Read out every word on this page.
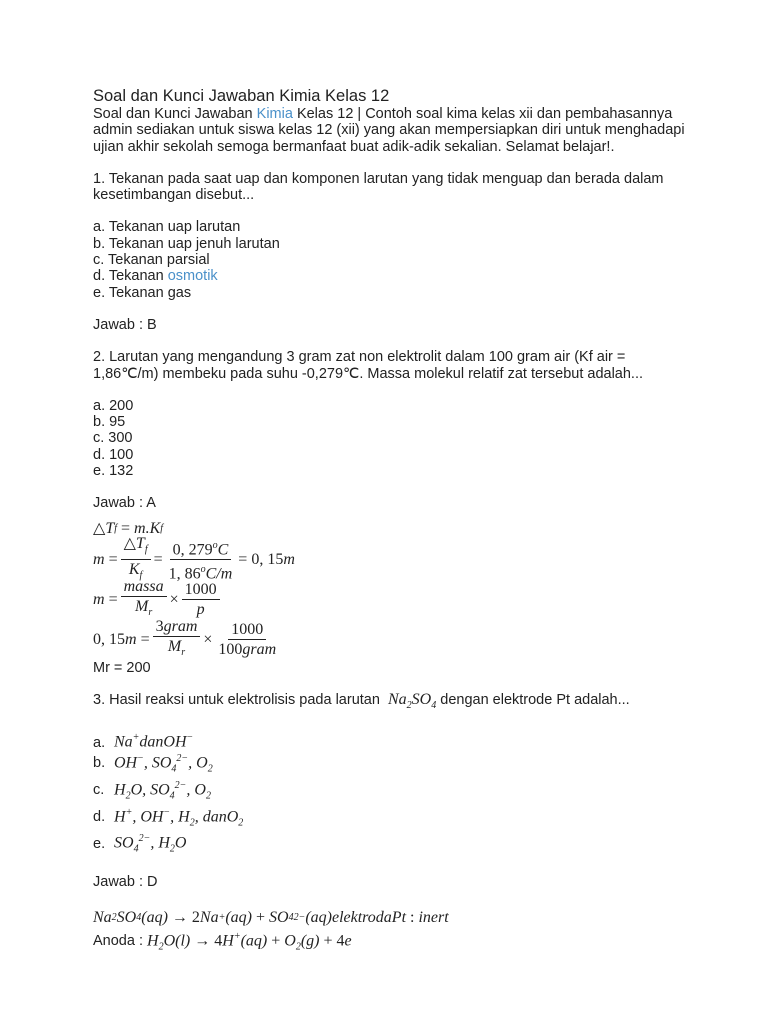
Soal dan Kunci Jawaban Kimia Kelas 12

Soal dan Kunci Jawaban Kimia Kelas 12 | Contoh soal kima kelas xii dan pembahasannya admin sediakan untuk siswa kelas 12 (xii) yang akan mempersiapkan diri untuk menghadapi ujian akhir sekolah semoga bermanfaat buat adik-adik sekalian. Selamat belajar!.

1. Tekanan pada saat uap dan komponen larutan yang tidak menguap dan berada dalam kesetimbangan disebut...

a. Tekanan uap larutan

b. Tekanan uap jenuh larutan

c. Tekanan parsial

d. Tekanan osmotik

e. Tekanan gas

Jawab : B

2. Larutan yang mengandung 3 gram zat non elektrolit dalam 100 gram air (Kf air = 1,86℃/m) membeku pada suhu -0,279℃. Massa molekul relatif zat tersebut adalah...

a. 200

b. 95

c. 300

d. 100

e. 132

Jawab : A

△ T f
= m.K f
$m = \frac{\triangle T_f}{K_f} = \frac{0, 279^oC}{1, 86^oC/m} = 0$, 15 m
$m = \frac{\text{massa}}{M_r} \times \frac{1000}{p}$
0, 15 $m = \frac{\text{3gram}}{M_r} \times \frac{1000}{\text{100gram}}$

Mr = 200

3. Hasil reaksi untuk elektrolisis pada larutan $Na_2SO_4$ dengan elektrode Pt adalah...

a. Na+danOH−
b. OH−, $SO_4^{2-}$, $O_2$
c. $H_2O$, $SO_4^{2-}$, $O_2$
d. H+, OH−, $H_2$, danO$_2$
e. $SO_4^{2-}$, $H_2O$

Jawab : D

Na 2 SO 4 (aq) → 2 Na + (aq) + SO 4 2− (aq)elektrodaPt : inert
Anoda :
$H_2O(l) \to 4H^+(aq) + O_2(g) + 4e$
